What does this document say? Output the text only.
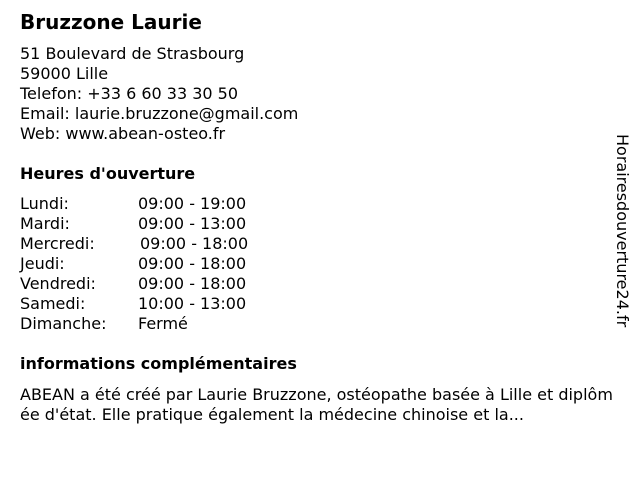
Bruzzone Laurie
51 Boulevard de Strasbourg
59000 Lille
Telefon: +33 6 60 33 30 50
Email: laurie.bruzzone@gmail.com
Web: www.abean-osteo.fr
Heures d'ouverture
Lundi:	09:00 - 19:00
Mardi:	09:00 - 13:00
Mercredi:	09:00 - 18:00
Jeudi:	09:00 - 18:00
Vendredi:	09:00 - 18:00
Samedi:	10:00 - 13:00
Dimanche:	Fermé
informations complémentaires
ABEAN a été créé par Laurie Bruzzone, ostéopathe basée à Lille et diplômée d'état. Elle pratique également la médecine chinoise et la...
Horairesdouverture24.fr
